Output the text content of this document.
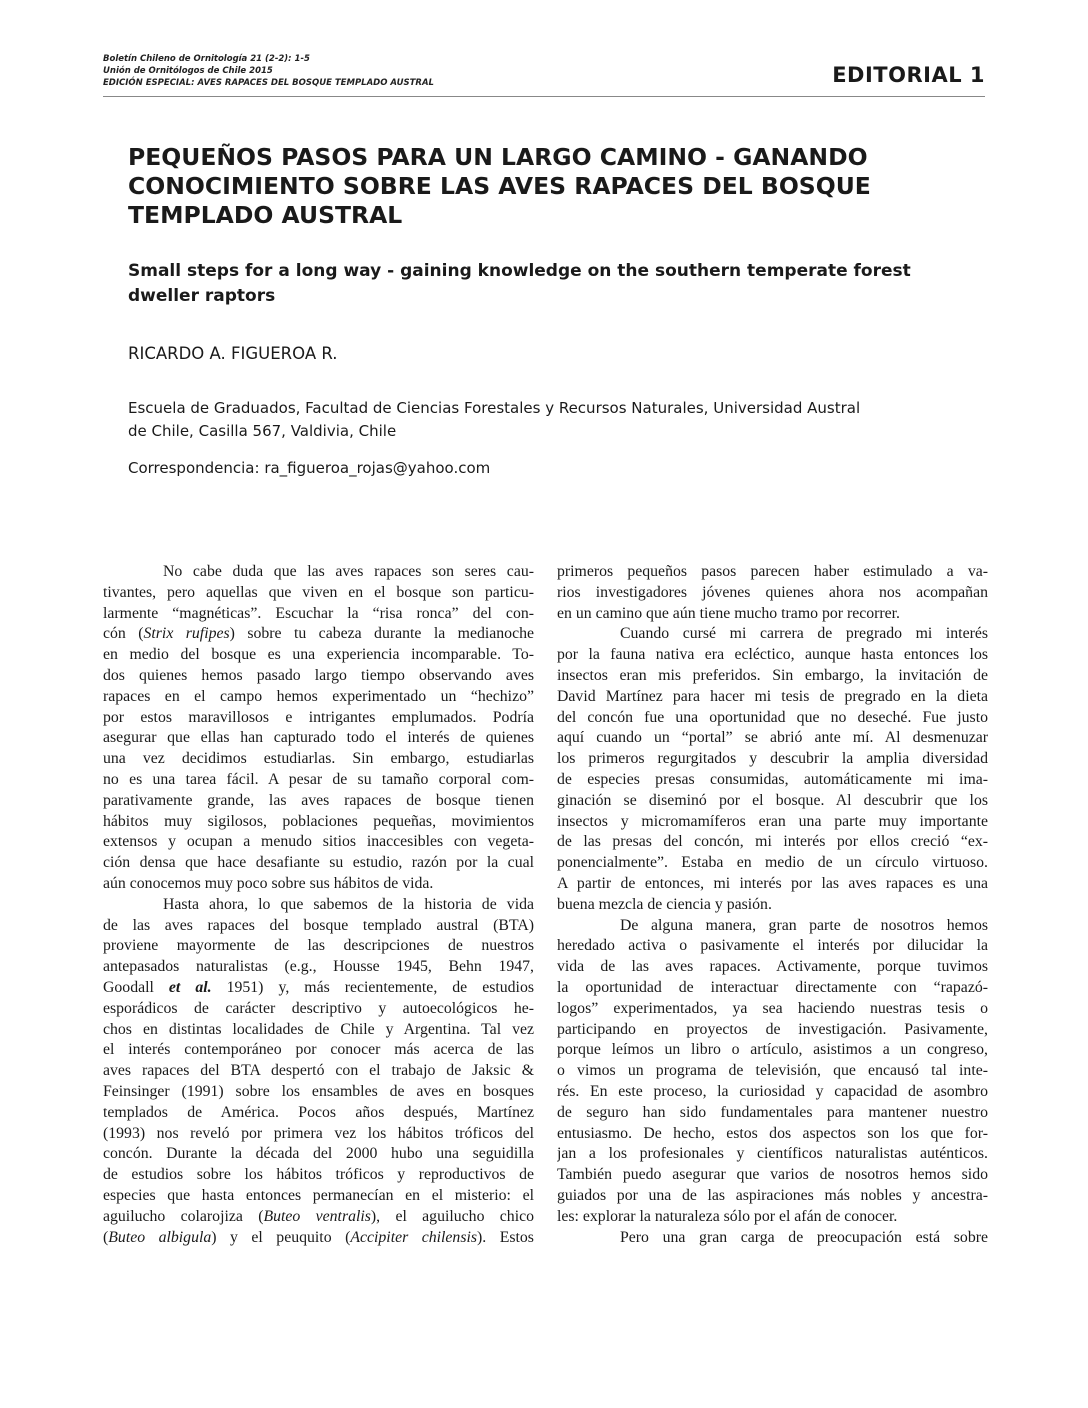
Boletín Chileno de Ornitología 21 (2-2): 1-5
Unión de Ornitólogos de Chile 2015
EDICIÓN ESPECIAL: AVES RAPACES DEL BOSQUE TEMPLADO AUSTRAL	EDITORIAL 1
PEQUEÑOS PASOS PARA UN LARGO CAMINO - GANANDO
CONOCIMIENTO SOBRE LAS AVES RAPACES DEL BOSQUE
TEMPLADO AUSTRAL
Small steps for a long way - gaining knowledge on the southern temperate forest
dweller raptors
RICARDO A. FIGUEROA R.
Escuela de Graduados, Facultad de Ciencias Forestales y Recursos Naturales, Universidad Austral
de Chile, Casilla 567, Valdivia, Chile
Correspondencia: ra_figueroa_rojas@yahoo.com
No cabe duda que las aves rapaces son seres cau-
tivantes, pero aquellas que viven en el bosque son particu-
larmente “magnéticas”. Escuchar la “risa ronca” del con-
cón (Strix rufipes) sobre tu cabeza durante la medianoche
en medio del bosque es una experiencia incomparable. To-
dos quienes hemos pasado largo tiempo observando aves
rapaces en el campo hemos experimentado un “hechizo”
por estos maravillosos e intrigantes emplumados. Podría
asegurar que ellas han capturado todo el interés de quienes
una vez decidimos estudiarlas. Sin embargo, estudiarlas
no es una tarea fácil. A pesar de su tamaño corporal com-
parativamente grande, las aves rapaces de bosque tienen
hábitos muy sigilosos, poblaciones pequeñas, movimientos
extensos y ocupan a menudo sitios inaccesibles con vegeta-
ción densa que hace desafiante su estudio, razón por la cual
aún conocemos muy poco sobre sus hábitos de vida.
Hasta ahora, lo que sabemos de la historia de vida
de las aves rapaces del bosque templado austral (BTA)
proviene mayormente de las descripciones de nuestros
antepasados naturalistas (e.g., Housse 1945, Behn 1947,
Goodall et al. 1951) y, más recientemente, de estudios
esporádicos de carácter descriptivo y autoecológicos he-
chos en distintas localidades de Chile y Argentina. Tal vez
el interés contemporáneo por conocer más acerca de las
aves rapaces del BTA despertó con el trabajo de Jaksic &
Feinsinger (1991) sobre los ensambles de aves en bosques
templados de América. Pocos años después, Martínez
(1993) nos reveló por primera vez los hábitos tróficos del
concón. Durante la década del 2000 hubo una seguidilla
de estudios sobre los hábitos tróficos y reproductivos de
especies que hasta entonces permanecían en el misterio: el
aguilucho colarojiza (Buteo ventralis), el aguilucho chico
(Buteo albigula) y el peuquito (Accipiter chilensis). Estos
primeros pequeños pasos parecen haber estimulado a va-
rios investigadores jóvenes quienes ahora nos acompañan
en un camino que aún tiene mucho tramo por recorrer.
Cuando cursé mi carrera de pregrado mi interés
por la fauna nativa era ecléctico, aunque hasta entonces los
insectos eran mis preferidos. Sin embargo, la invitación de
David Martínez para hacer mi tesis de pregrado en la dieta
del concón fue una oportunidad que no deseché. Fue justo
aquí cuando un “portal” se abrió ante mí. Al desmenuzar
los primeros regurgitados y descubrir la amplia diversidad
de especies presas consumidas, automáticamente mi ima-
ginación se diseminó por el bosque. Al descubrir que los
insectos y micromamíferos eran una parte muy importante
de las presas del concón, mi interés por ellos creció “ex-
ponencialmente”. Estaba en medio de un círculo virtuoso.
A partir de entonces, mi interés por las aves rapaces es una
buena mezcla de ciencia y pasión.
De alguna manera, gran parte de nosotros hemos
heredado activa o pasivamente el interés por dilucidar la
vida de las aves rapaces. Activamente, porque tuvimos
la oportunidad de interactuar directamente con “rapazó-
logos” experimentados, ya sea haciendo nuestras tesis o
participando en proyectos de investigación. Pasivamente,
porque leímos un libro o artículo, asistimos a un congreso,
o vimos un programa de televisión, que encausó tal inte-
rés. En este proceso, la curiosidad y capacidad de asombro
de seguro han sido fundamentales para mantener nuestro
entusiasmo. De hecho, estos dos aspectos son los que for-
jan a los profesionales y científicos naturalistas auténticos.
También puedo asegurar que varios de nosotros hemos sido
guiados por una de las aspiraciones más nobles y ancestra-
les: explorar la naturaleza sólo por el afán de conocer.
Pero una gran carga de preocupación está sobre
